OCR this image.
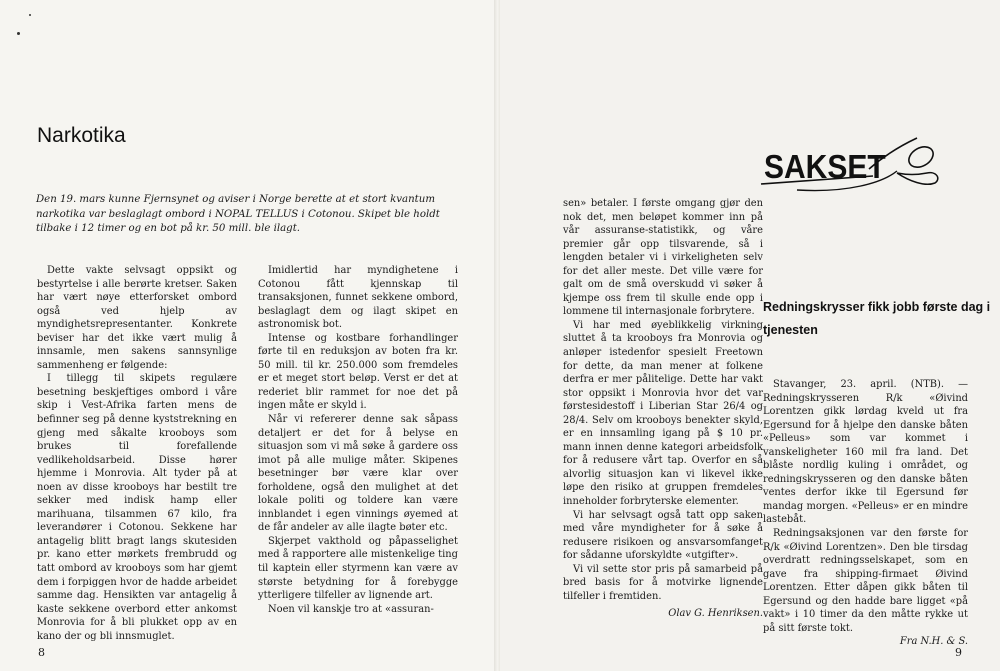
Narkotika

Den 19. mars kunne Fjernsynet og aviser i Norge berette at et stort kvantum narkotika var beslaglagt ombord i NOPAL TELLUS i Cotonou. Skipet ble holdt tilbake i 12 timer og en bot på kr. 50 mill. ble ilagt.

Dette vakte selvsagt oppsikt og bestyrtelse i alle berørte kretser. Saken har vært nøye etterforsket ombord også ved hjelp av myndighetsrepresentanter. Konkrete beviser har det ikke vært mulig å innsamle, men sakens sannsynlige sammenheng er følgende:

I tillegg til skipets regulære besetning beskjeftiges ombord i våre skip i Vest-Afrika farten mens de befinner seg på denne kyststrekning en gjeng med såkalte krooboys som brukes til forefallende vedlikeholdsarbeid. Disse hører hjemme i Monrovia. Alt tyder på at noen av disse krooboys har bestilt tre sekker med indisk hamp eller marihuana, tilsammen 67 kilo, fra leverandører i Cotonou. Sekkene har antagelig blitt bragt langs skutesiden pr. kano etter mørkets frembrudd og tatt ombord av krooboys som har gjemt dem i forpiggen hvor de hadde arbeidet samme dag. Hensikten var antagelig å kaste sekkene overbord etter ankomst Monrovia for å bli plukket opp av en kano der og bli innsmuglet.

Imidlertid har myndighetene i Cotonou fått kjennskap til transaksjonen, funnet sekkene ombord, beslaglagt dem og ilagt skipet en astronomisk bot.

Intense og kostbare forhandlinger førte til en reduksjon av boten fra kr. 50 mill. til kr. 250.000 som fremdeles er et meget stort beløp. Verst er det at rederiet blir rammet for noe det på ingen måte er skyld i.

Når vi refererer denne sak såpass detaljert er det for å belyse en situasjon som vi må søke å gardere oss imot på alle mulige måter. Skipenes besetninger bør være klar over forholdene, også den mulighet at det lokale politi og toldere kan være innblandet i egen vinnings øyemed at de får andeler av alle ilagte bøter etc.

Skjerpet vakthold og påpasselighet med å rapportere alle mistenkelige ting til kaptein eller styrmenn kan være av største betydning for å forebygge ytterligere tilfeller av lignende art.

Noen vil kanskje tro at «assuran-

8

sen» betaler. I første omgang gjør den nok det, men beløpet kommer inn på vår assuranse-statistikk, og våre premier går opp tilsvarende, så i lengden betaler vi i virkeligheten selv for det aller meste. Det ville være for galt om de små overskudd vi søker å kjempe oss frem til skulle ende opp i lommene til internasjonale forbrytere.

Vi har med øyeblikkelig virkning sluttet å ta krooboys fra Monrovia og anløper istedenfor spesielt Freetown for dette, da man mener at folkene derfra er mer pålitelige. Dette har vakt stor oppsikt i Monrovia hvor det var førstesidestoff i Liberian Star 26/4 og 28/4. Selv om krooboys benekter skyld, er en innsamling igang på $ 10 pr. mann innen denne kategori arbeidsfolk for å redusere vårt tap. Overfor en så alvorlig situasjon kan vi likevel ikke løpe den risiko at gruppen fremdeles inneholder forbryterske elementer.

Vi har selvsagt også tatt opp saken med våre myndigheter for å søke å redusere risikoen og ansvarsomfanget for sådanne uforskyldte «utgifter».

Vi vil sette stor pris på samarbeid på bred basis for å motvirke lignende tilfeller i fremtiden.

Olav G. Henriksen.

SAKSET
Redningskrysser fikk jobb første dag i tjenesten

Stavanger, 23. april. (NTB). — Redningskrysseren R/k «Øivind Lorentzen gikk lørdag kveld ut fra Egersund for å hjelpe den danske båten «Pelleus» som var kommet i vanskeligheter 160 mil fra land. Det blåste nordlig kuling i området, og redningskrysseren og den danske båten ventes derfor ikke til Egersund før mandag morgen. «Pelleus» er en mindre lastebåt.

Redningsaksjonen var den første for R/k «Øivind Lorentzen». Den ble tirsdag overdratt redningsselskapet, som en gave fra shipping-firmaet Øivind Lorentzen. Etter dåpen gikk båten til Egersund og den hadde bare ligget «på vakt» i 10 timer da den måtte rykke ut på sitt første tokt.

Fra N.H. & S.

9
